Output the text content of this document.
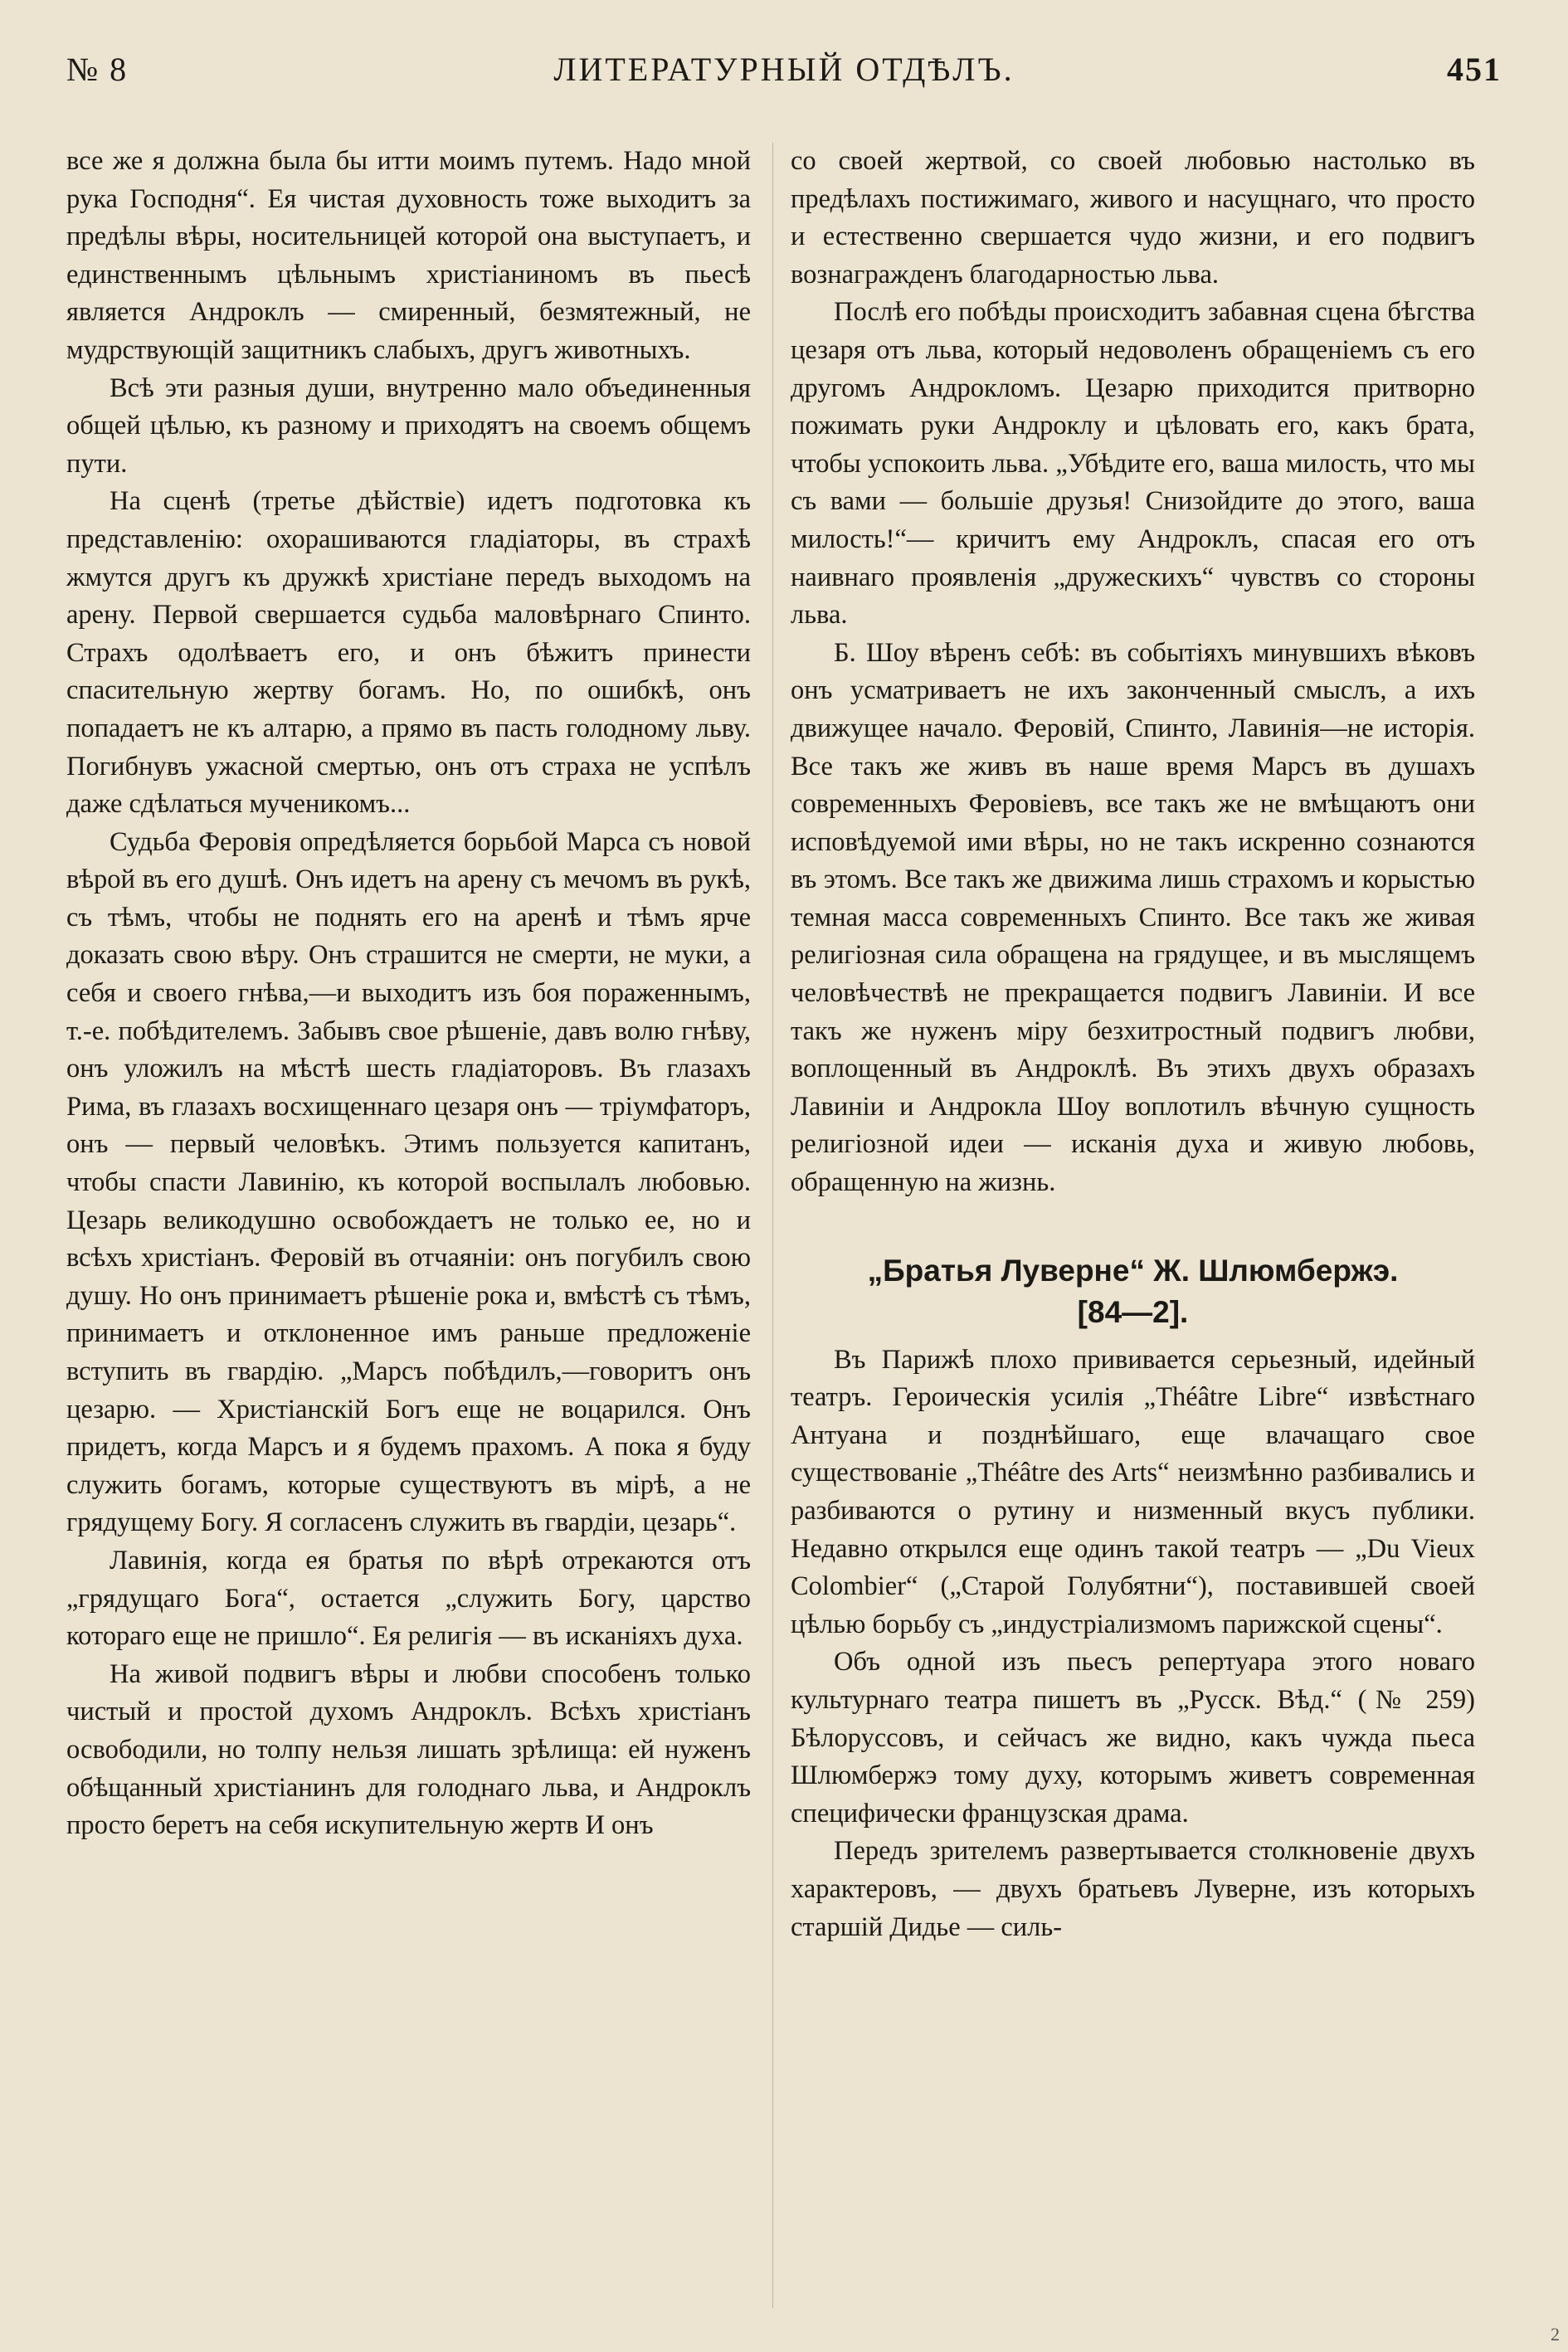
№ 8	ЛИТЕРАТУРНЫЙ ОТДѢЛЪ.	451

все же я должна была бы итти моимъ путемъ. Надо мной рука Господня“. Ея чистая духовность тоже выходитъ за предѣлы вѣры, носительницей которой она выступаетъ, и единственнымъ цѣльнымъ христіаниномъ въ пьесѣ является Андроклъ — смиренный, безмятежный, не мудрствующій защитникъ слабыхъ, другъ животныхъ.

Всѣ эти разныя души, внутренно мало объединенныя общей цѣлью, къ разному и приходятъ на своемъ общемъ пути.

На сценѣ (третье дѣйствіе) идетъ подготовка къ представленію: охорашиваются гладіаторы, въ страхѣ жмутся другъ къ дружкѣ христіане передъ выходомъ на арену. Первой свершается судьба маловѣрнаго Спинто. Страхъ одолѣваетъ его, и онъ бѣжитъ принести спасительную жертву богамъ. Но, по ошибкѣ, онъ попадаетъ не къ алтарю, а прямо въ пасть голодному льву. Погибнувъ ужасной смертью, онъ отъ страха не успѣлъ даже сдѣлаться мученикомъ...

Судьба Феровія опредѣляется борьбой Марса съ новой вѣрой въ его душѣ. Онъ идетъ на арену съ мечомъ въ рукѣ, съ тѣмъ, чтобы не поднять его на аренѣ и тѣмъ ярче доказать свою вѣру. Онъ страшится не смерти, не муки, а себя и своего гнѣва,—и выходитъ изъ боя пораженнымъ, т.-е. побѣдителемъ. Забывъ свое рѣшеніе, давъ волю гнѣву, онъ уложилъ на мѣстѣ шесть гладіаторовъ. Въ глазахъ Рима, въ глазахъ восхищеннаго цезаря онъ — тріумфаторъ, онъ — первый человѣкъ. Этимъ пользуется капитанъ, чтобы спасти Лавинію, къ которой воспылалъ любовью. Цезарь великодушно освобождаетъ не только ее, но и всѣхъ христіанъ. Феровій въ отчаяніи: онъ погубилъ свою душу. Но онъ принимаетъ рѣшеніе рока и, вмѣстѣ съ тѣмъ, принимаетъ и отклоненное имъ раньше предложеніе вступить въ гвардію. „Марсъ побѣдилъ,—говоритъ онъ цезарю. — Христіанскій Богъ еще не воцарился. Онъ придетъ, когда Марсъ и я будемъ прахомъ. А пока я буду служить богамъ, которые существуютъ въ мірѣ, а не грядущему Богу. Я согласенъ служить въ гвардіи, цезарь“.

Лавинія, когда ея братья по вѣрѣ отрекаются отъ „грядущаго Бога“, остается „служить Богу, царство котораго еще не пришло“. Ея религія — въ исканіяхъ духа.

На живой подвигъ вѣры и любви способенъ только чистый и простой духомъ Андроклъ. Всѣхъ христіанъ освободили, но толпу нельзя лишать зрѣлища: ей нуженъ обѣщанный христіанинъ для голоднаго льва, и Андроклъ просто беретъ на себя искупительную жертв И онъ

со своей жертвой, со своей любовью настолько въ предѣлахъ постижимаго, живого и насущнаго, что просто и естественно свершается чудо жизни, и его подвигъ вознагражденъ благодарностью льва.

Послѣ его побѣды происходитъ забавная сцена бѣгства цезаря отъ льва, который недоволенъ обращеніемъ съ его другомъ Андрокломъ. Цезарю приходится притворно пожимать руки Андроклу и цѣловать его, какъ брата, чтобы успокоить льва. „Убѣдите его, ваша милость, что мы съ вами — большіе друзья! Снизойдите до этого, ваша милость!“— кричитъ ему Андроклъ, спасая его отъ наивнаго проявленія „дружескихъ“ чувствъ со стороны льва.

Б. Шоу вѣренъ себѣ: въ событіяхъ минувшихъ вѣковъ онъ усматриваетъ не ихъ законченный смыслъ, а ихъ движущее начало. Феровій, Спинто, Лавинія—не исторія. Все такъ же живъ въ наше время Марсъ въ душахъ современныхъ Феровіевъ, все такъ же не вмѣщаютъ они исповѣдуемой ими вѣры, но не такъ искренно сознаются въ этомъ. Все такъ же движима лишь страхомъ и корыстью темная масса современныхъ Спинто. Все такъ же живая религіозная сила обращена на грядущее, и въ мыслящемъ человѣчествѣ не прекращается подвигъ Лавиніи. И все такъ же нуженъ міру безхитростный подвигъ любви, воплощенный въ Андроклѣ. Въ этихъ двухъ образахъ Лавиніи и Андрокла Шоу воплотилъ вѣчную сущность религіозной идеи — исканія духа и живую любовь, обращенную на жизнь.

„Братья Луверне“ Ж. Шлюмбержэ.
[84—2].

Въ Парижѣ плохо прививается серьезный, идейный театръ. Героическія усилія „Théâtre Libre“ извѣстнаго Антуана и позднѣйшаго, еще влачащаго свое существованіе „Théâtre des Arts“ неизмѣнно разбивались и разбиваются о рутину и низменный вкусъ публики. Недавно открылся еще одинъ такой театръ — „Du Vieux Colombier“ („Старой Голубятни“), поставившей своей цѣлью борьбу съ „индустріализмомъ парижской сцены“.

Объ одной изъ пьесъ репертуара этого новаго культурнаго театра пишетъ въ „Русск. Вѣд.“ (№ 259) Бѣлоруссовъ, и сейчасъ же видно, какъ чужда пьеса Шлюмбержэ тому духу, которымъ живетъ современная специфически французская драма.

Передъ зрителемъ развертывается столкновеніе двухъ характеровъ, — двухъ братьевъ Луверне, изъ которыхъ старшій Дидье — силь-

2
